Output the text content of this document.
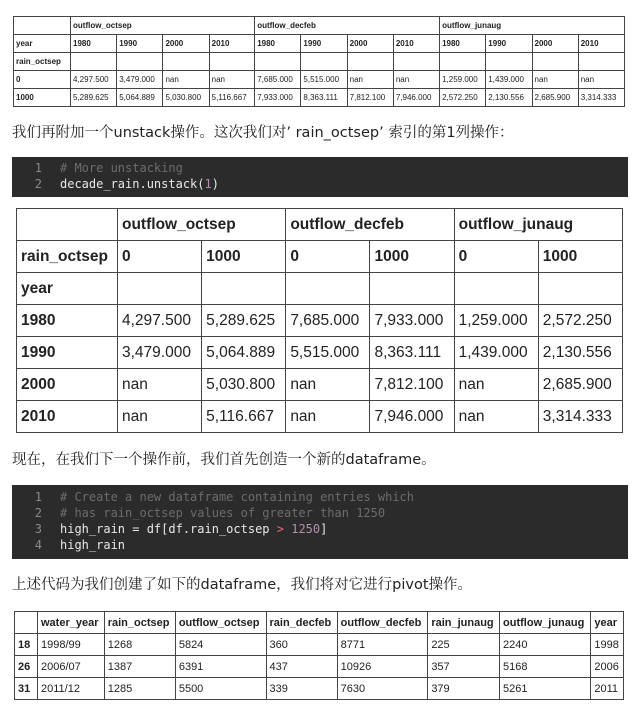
	outflow_octsep				outflow_decfeb				outflow_junaug			
year	1980	1990	2000	2010	1980	1990	2000	2010	1980	1990	2000	2010
rain_octsep												
0	4,297.500	3,479.000	nan	nan	7,685.000	5,515.000	nan	nan	1,259.000	1,439.000	nan	nan
1000	5,289.625	5,064.889	5,030.800	5,116.667	7,933.000	8,363.111	7,812.100	7,946.000	2,572.250	2,130.556	2,685.900	3,314.333
我们再附加一个unstack操作。这次我们对’ rain_octsep’ 索引的第1列操作：
1 # More unstacking
2 decade_rain.unstack(1)
	outflow_octsep		outflow_decfeb		outflow_junaug	
rain_octsep	0	1000	0	1000	0	1000
year						
1980	4,297.500	5,289.625	7,685.000	7,933.000	1,259.000	2,572.250
1990	3,479.000	5,064.889	5,515.000	8,363.111	1,439.000	2,130.556
2000	nan	5,030.800	nan	7,812.100	nan	2,685.900
2010	nan	5,116.667	nan	7,946.000	nan	3,314.333
现在，在我们下一个操作前，我们首先创造一个新的dataframe。
1 # Create a new dataframe containing entries which
2 # has rain_octsep values of greater than 1250
3 high_rain = df[df.rain_octsep > 1250]
4 high_rain
上述代码为我们创建了如下的dataframe，我们将对它进行pivot操作。
	water_year	rain_octsep	outflow_octsep	rain_decfeb	outflow_decfeb	rain_junaug	outflow_junaug	year
18	1998/99	1268	5824	360	8771	225	2240	1998
26	2006/07	1387	6391	437	10926	357	5168	2006
31	2011/12	1285	5500	339	7630	379	5261	2011
